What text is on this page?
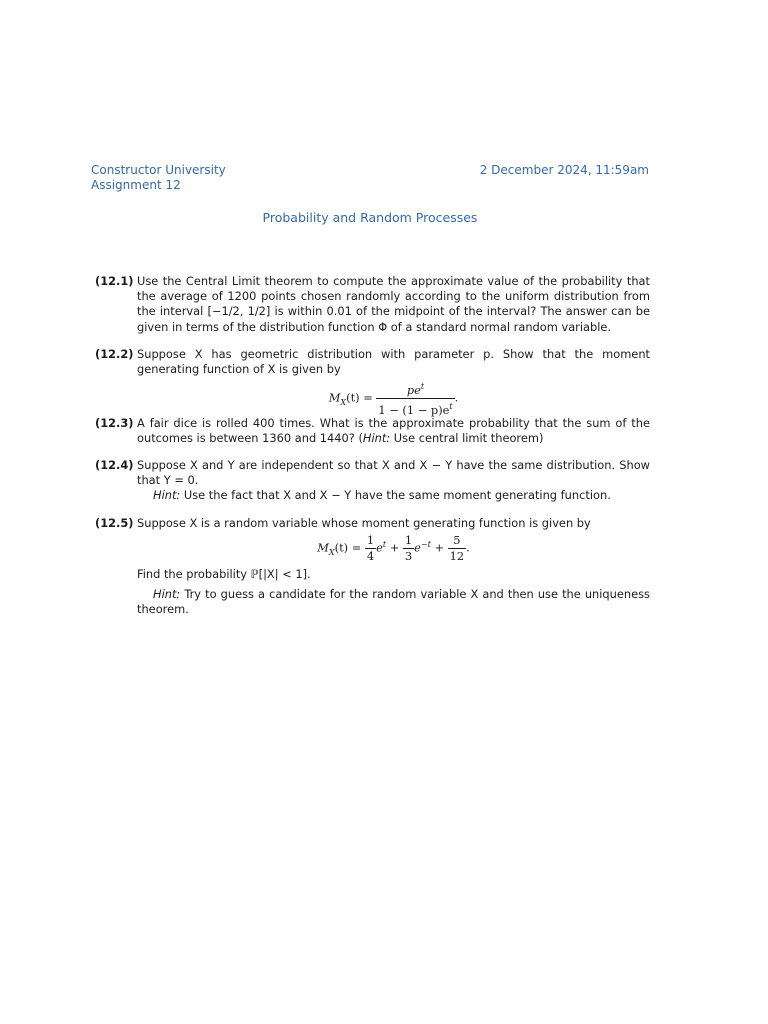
Constructor University
Assignment 12
2 December 2024, 11:59am
Probability and Random Processes
(12.1) Use the Central Limit theorem to compute the approximate value of the probability that the average of 1200 points chosen randomly according to the uniform distribution from the interval [−1/2, 1/2] is within 0.01 of the midpoint of the interval? The answer can be given in terms of the distribution function Φ of a standard normal random variable.
(12.2) Suppose X has geometric distribution with parameter p. Show that the moment generating function of X is given by
$M_X(t) = \frac{pe^t}{1 - (1 - p)e^t}$ .
(12.3) A fair dice is rolled 400 times. What is the approximate probability that the sum of the outcomes is between 1360 and 1440? (Hint: Use central limit theorem)
(12.4) Suppose X and Y are independent so that X and X − Y have the same distribution. Show that Y = 0.
Hint: Use the fact that X and X − Y have the same moment generating function.
(12.5) Suppose X is a random variable whose moment generating function is given by
$M_X(t) = \frac{1}{4} e^t + \frac{1}{3} e^{-t} + \frac{5}{12}$ .
Find the probability ℙ[|X| < 1].
Hint: Try to guess a candidate for the random variable X and then use the uniqueness theorem.
